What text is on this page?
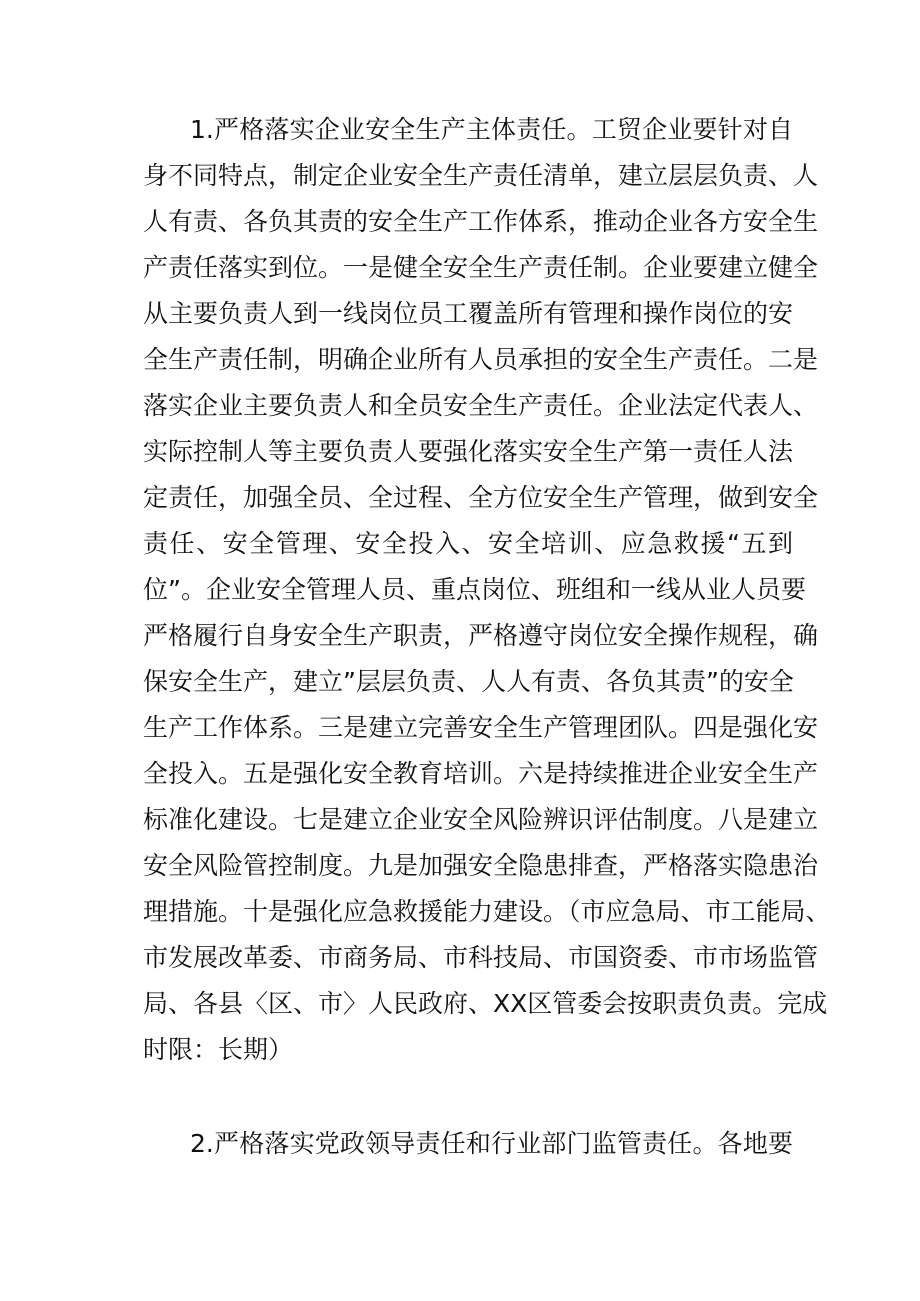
1.严格落实企业安全生产主体责任。工贸企业要针对自
身不同特点，制定企业安全生产责任清单，建立层层负责、人
人有责、各负其责的安全生产工作体系，推动企业各方安全生
产责任落实到位。一是健全安全生产责任制。企业要建立健全
从主要负责人到一线岗位员工覆盖所有管理和操作岗位的安
全生产责任制，明确企业所有人员承担的安全生产责任。二是
落实企业主要负责人和全员安全生产责任。企业法定代表人、
实际控制人等主要负责人要强化落实安全生产第一责任人法
定责任，加强全员、全过程、全方位安全生产管理，做到安全
责任、安全管理、安全投入、安全培训、应急救援“五到
位”。企业安全管理人员、重点岗位、班组和一线从业人员要
严格履行自身安全生产职责，严格遵守岗位安全操作规程，确
保安全生产，建立”层层负责、人人有责、各负其责”的安全
生产工作体系。三是建立完善安全生产管理团队。四是强化安
全投入。五是强化安全教育培训。六是持续推进企业安全生产
标准化建设。七是建立企业安全风险辨识评估制度。八是建立
安全风险管控制度。九是加强安全隐患排查，严格落实隐患治
理措施。十是强化应急救援能力建设。（市应急局、市工能局、
市发展改革委、市商务局、市科技局、市国资委、市市场监管
局、各县〈区、市〉人民政府、XX区管委会按职责负责。完成
时限：长期）
2.严格落实党政领导责任和行业部门监管责任。各地要
